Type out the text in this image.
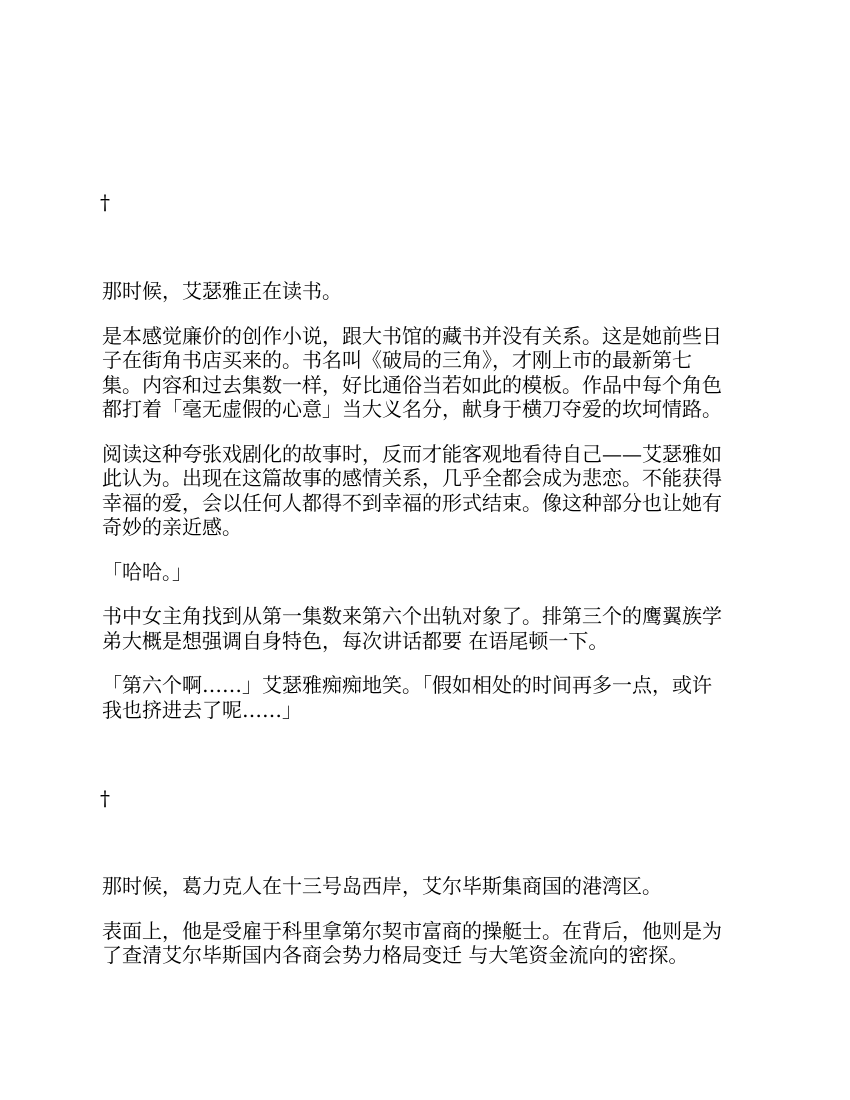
†

那时候，艾瑟雅正在读书。

是本感觉廉价的创作小说，跟大书馆的藏书并没有关系。这是她前些日

子在街角书店买来的。书名叫《破局的三角》，才刚上市的最新第七

集。内容和过去集数一样，好比通俗当若如此的模板。作品中每个角色

都打着「毫无虚假的心意」当大义名分，献身于横刀夺爱的坎坷情路。

阅读这种夸张戏剧化的故事时，反而才能客观地看待自己——艾瑟雅如

此认为。出现在这篇故事的感情关系，几乎全都会成为悲恋。不能获得

幸福的爱，会以任何人都得不到幸福的形式结束。像这种部分也让她有

奇妙的亲近感。

「哈哈。」

书中女主角找到从第一集数来第六个出轨对象了。排第三个的鹰翼族学

弟大概是想强调自身特色，每次讲话都要 在语尾顿一下。

「第六个啊……」艾瑟雅痴痴地笑。「假如相处的时间再多一点，或许

我也挤进去了呢……」

†

那时候，葛力克人在十三号岛西岸，艾尔毕斯集商国的港湾区。

表面上，他是受雇于科里拿第尔契市富商的操艇士。在背后，他则是为

了查清艾尔毕斯国内各商会势力格局变迁 与大笔资金流向的密探。
